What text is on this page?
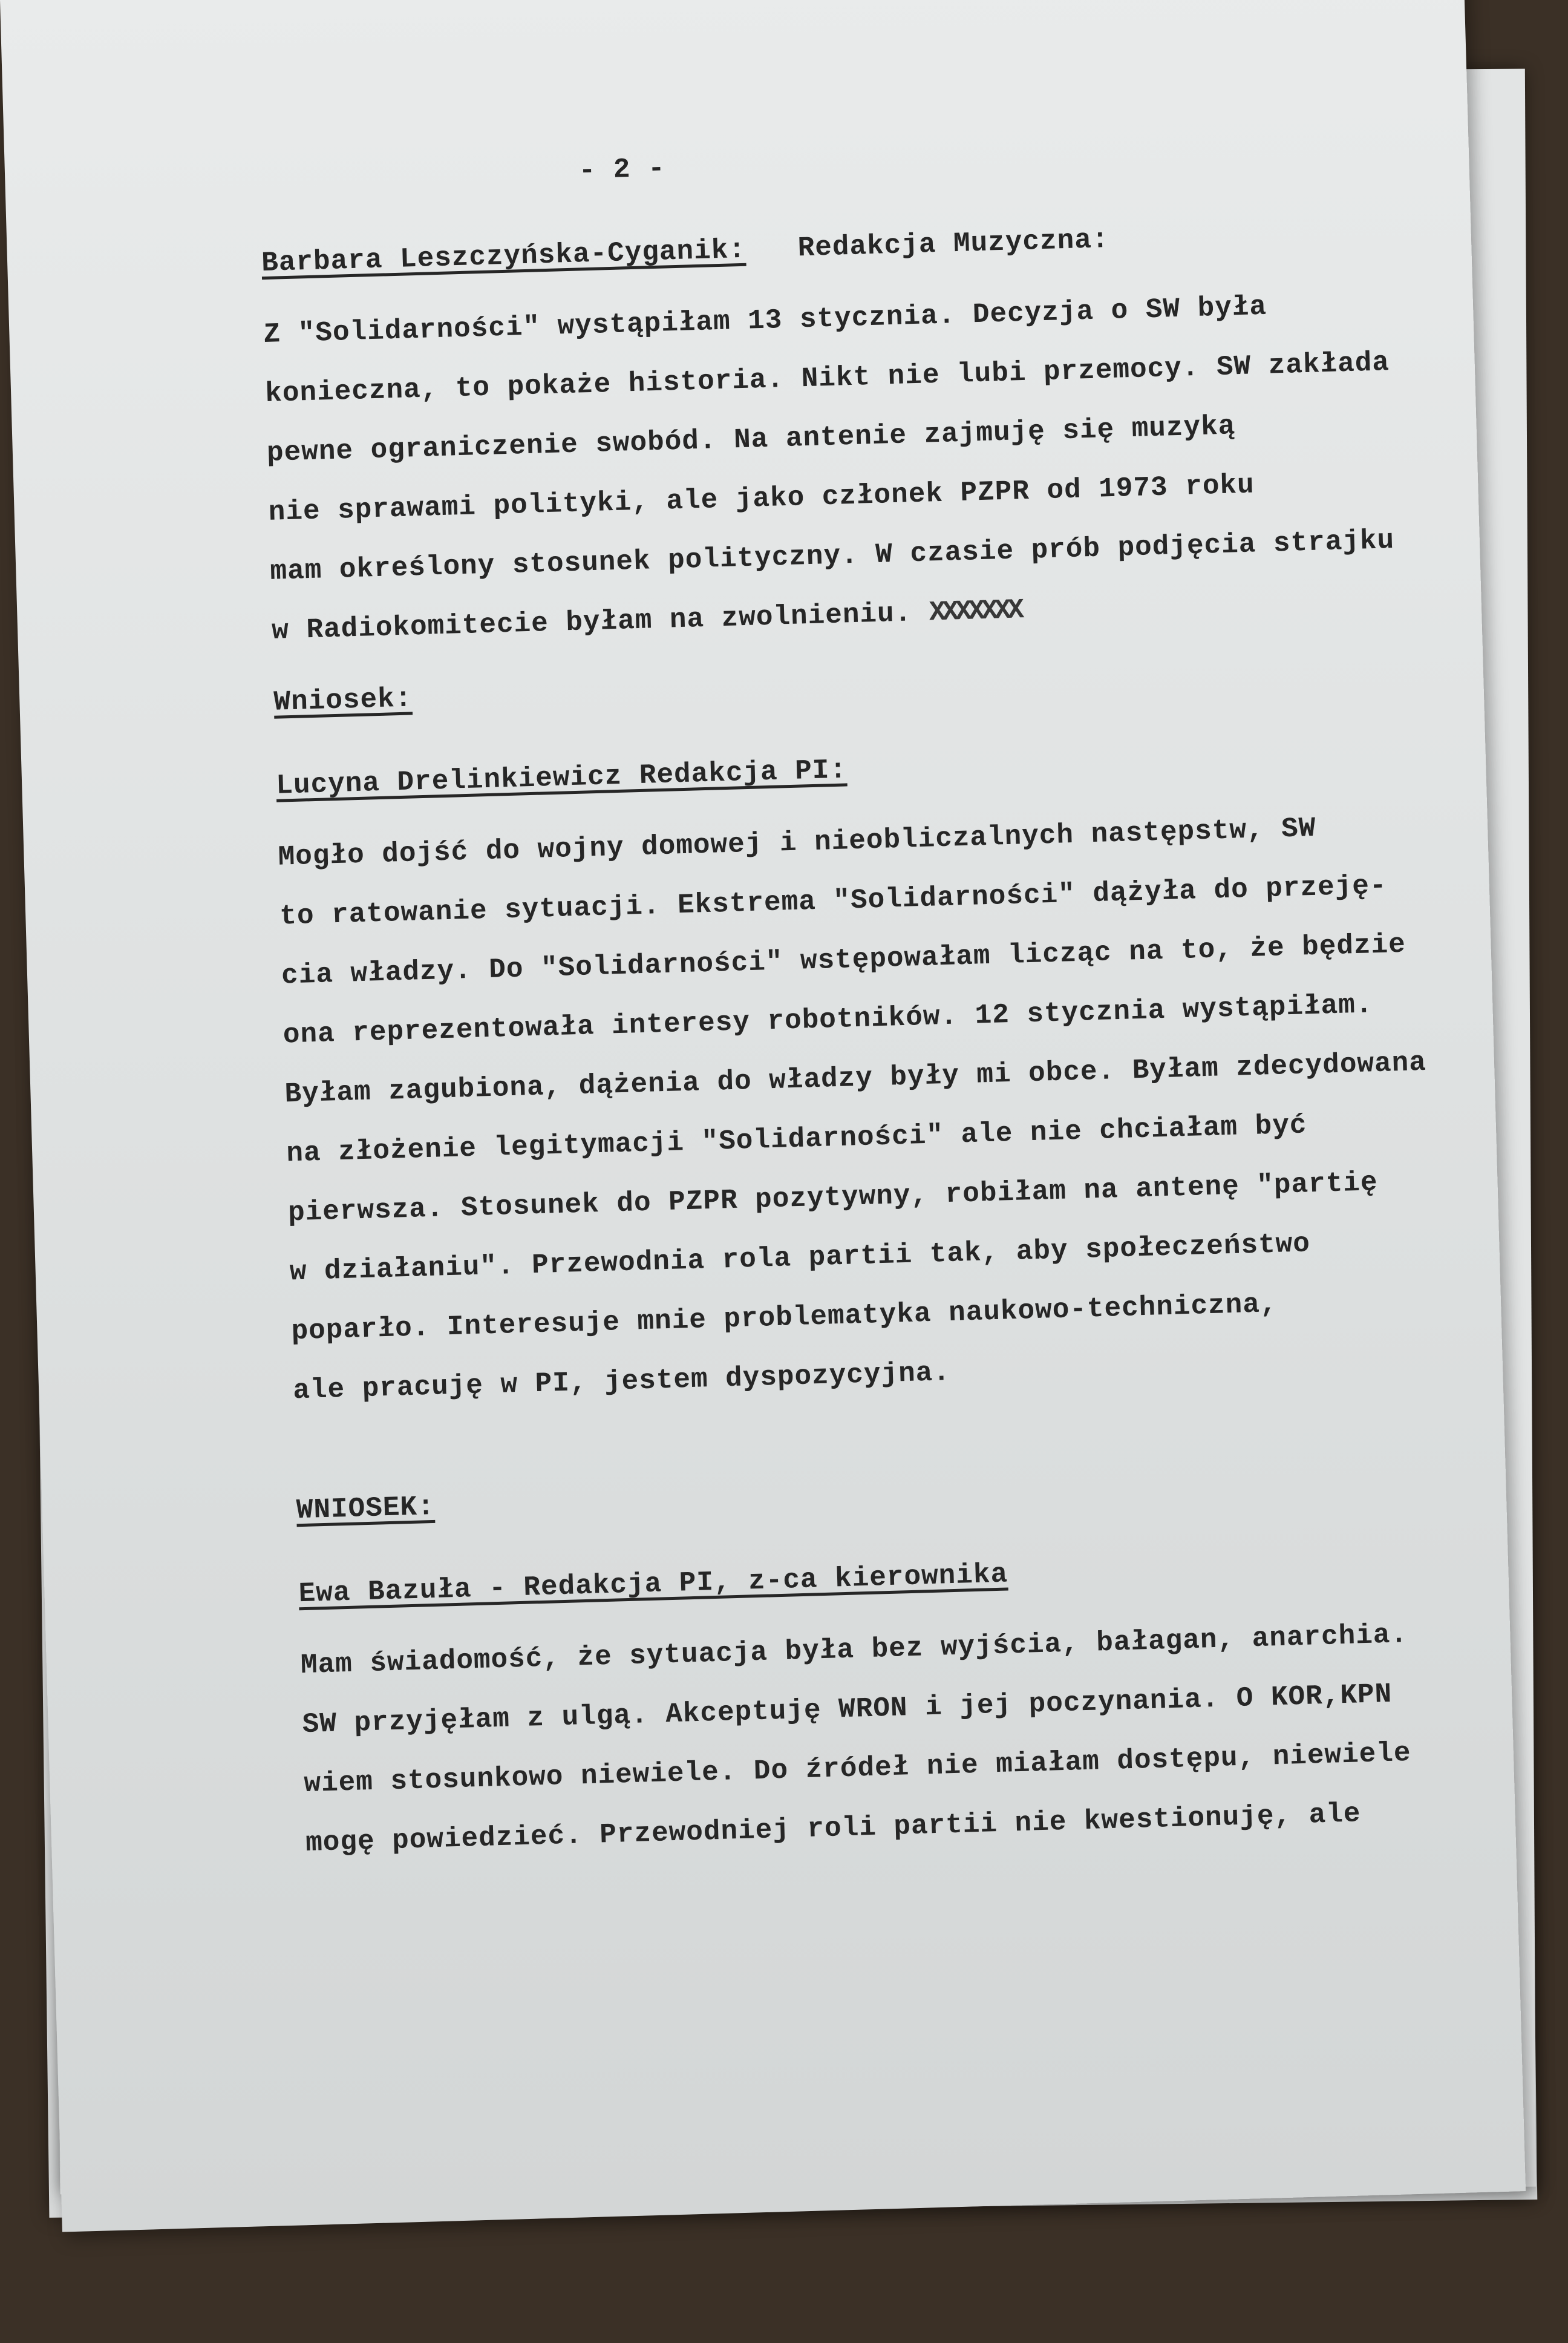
- 2 -
Barbara Leszczyńska-Cyganik: Redakcja Muzyczna:

Z "Solidarności" wystąpiłam 13 stycznia. Decyzja o SW była

konieczna, to pokaże historia. Nikt nie lubi przemocy. SW zakłada

pewne ograniczenie swobód. Na antenie zajmuję się muzyką

nie sprawami polityki, ale jako członek PZPR od 1973 roku

mam określony stosunek polityczny. W czasie prób podjęcia strajku

w Radiokomitecie byłam na zwolnieniu. XXXXXXX

Wniosek:
Lucyna Drelinkiewicz Redakcja PI:

Mogło dojść do wojny domowej i nieobliczalnych następstw, SW

to ratowanie sytuacji. Ekstrema "Solidarności" dążyła do przeję-

cia władzy. Do "Solidarności" wstępowałam licząc na to, że będzie

ona reprezentowała interesy robotników. 12 stycznia wystąpiłam.

Byłam zagubiona, dążenia do władzy były mi obce. Byłam zdecydowana

na złożenie legitymacji "Solidarności" ale nie chciałam być

pierwsza. Stosunek do PZPR pozytywny, robiłam na antenę "partię

w działaniu". Przewodnia rola partii tak, aby społeczeństwo

poparło. Interesuje mnie problematyka naukowo-techniczna,

ale pracuję w PI, jestem dyspozycyjna.

WNIOSEK:
Ewa Bazuła - Redakcja PI, z-ca kierownika

Mam świadomość, że sytuacja była bez wyjścia, bałagan, anarchia.

SW przyjęłam z ulgą. Akceptuję WRON i jej poczynania. O KOR,KPN

wiem stosunkowo niewiele. Do źródeł nie miałam dostępu, niewiele

mogę powiedzieć. Przewodniej roli partii nie kwestionuję, ale
